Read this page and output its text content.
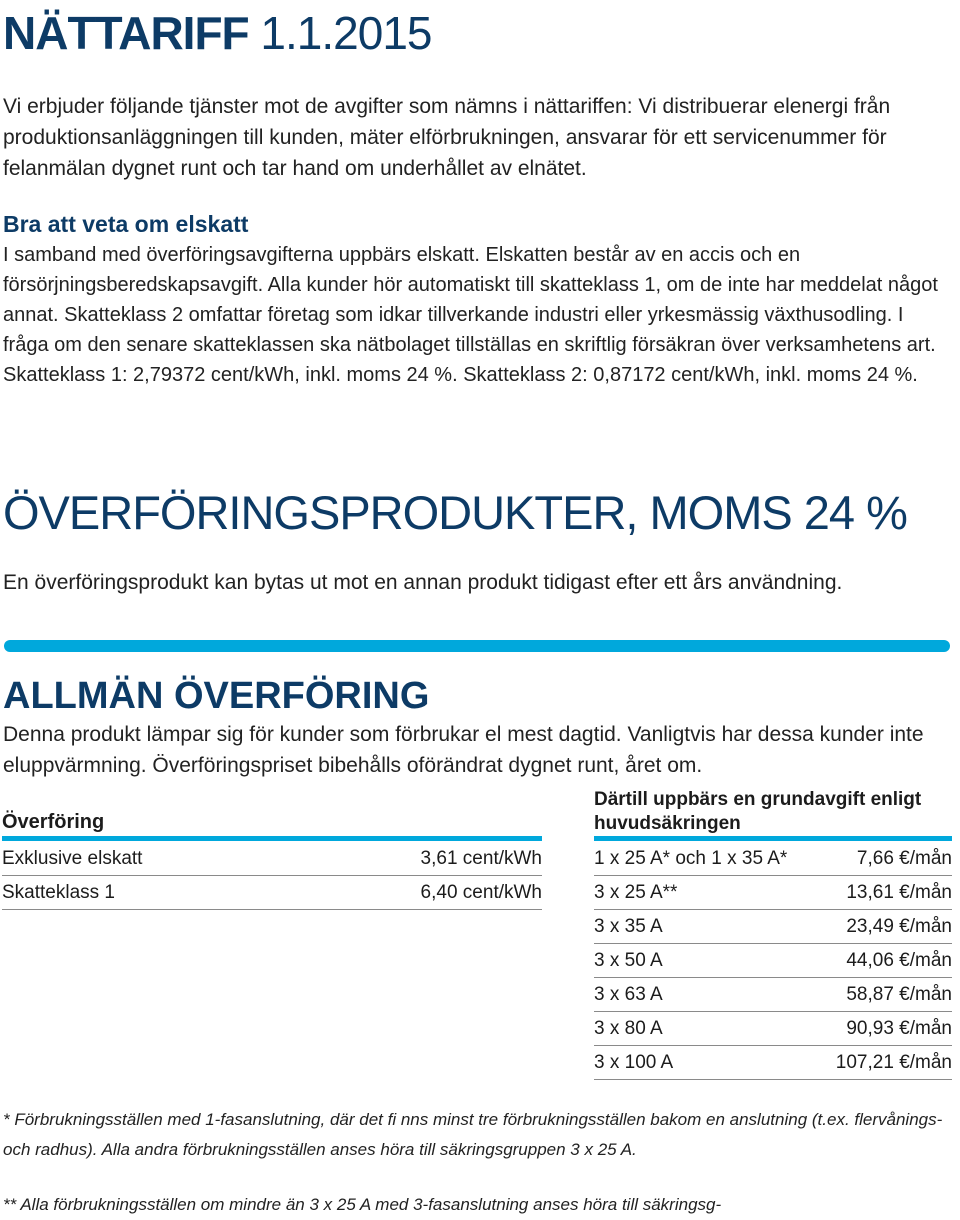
NÄTTARIFF 1.1.2015

Vi erbjuder följande tjänster mot de avgifter som nämns i nättariffen: Vi distribuerar elenergi från produktionsanläggningen till kunden, mäter elförbrukningen, ansvarar för ett servicenummer för felanmälan dygnet runt och tar hand om underhållet av elnätet.

Bra att veta om elskatt

I samband med överföringsavgifterna uppbärs elskatt. Elskatten består av en accis och en försörjningsberedskapsavgift. Alla kunder hör automatiskt till skatteklass 1, om de inte har meddelat något annat. Skatteklass 2 omfattar företag som idkar tillverkande industri eller yrkesmässig växthusodling. I fråga om den senare skatteklassen ska nätbolaget tillställas en skriftlig försäkran över verksamhetens art. Skatteklass 1: 2,79372 cent/kWh, inkl. moms 24 %. Skatteklass 2: 0,87172 cent/kWh, inkl. moms 24 %.

ÖVERFÖRINGSPRODUKTER, MOMS 24 %

En överföringsprodukt kan bytas ut mot en annan produkt tidigast efter ett års användning.

ALLMÄN ÖVERFÖRING

Denna produkt lämpar sig för kunder som förbrukar el mest dagtid. Vanligtvis har dessa kunder inte eluppvärmning. Överföringspriset bibehålls oförändrat dygnet runt, året om.

Överföring
Exklusive elskatt	3,61 cent/kWh
Skatteklass 1	6,40 cent/kWh
Därtill uppbärs en grundavgift enligt huvudsäkringen
1 x 25 A* och 1 x 35 A*	7,66 €/mån
3 x 25 A**	13,61 €/mån
3 x 35 A	23,49 €/mån
3 x 50 A	44,06 €/mån
3 x 63 A	58,87 €/mån
3 x 80 A	90,93 €/mån
3 x 100 A	107,21 €/mån

* Förbrukningsställen med 1-fasanslutning, där det fi nns minst tre förbrukningsställen bakom en anslutning (t.ex. flervånings- och radhus). Alla andra förbrukningsställen anses höra till säkringsgruppen 3 x 25 A.

** Alla förbrukningsställen om mindre än 3 x 25 A med 3-fasanslutning anses höra till säkringsg-
